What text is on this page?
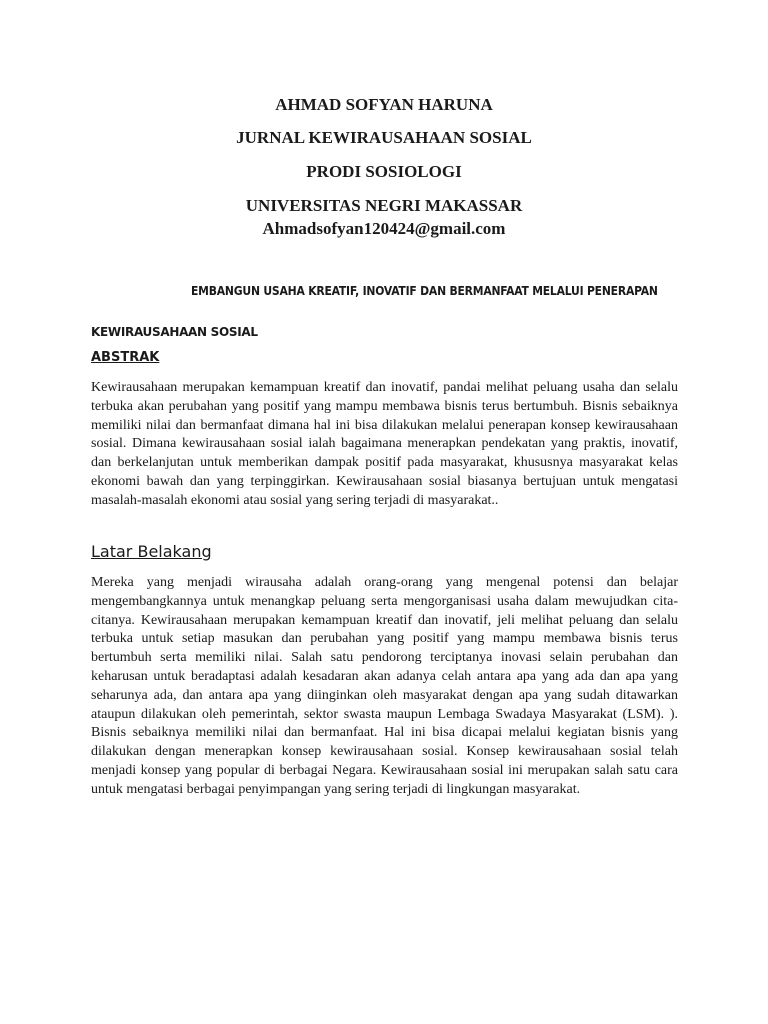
AHMAD SOFYAN HARUNA

JURNAL KEWIRAUSAHAAN SOSIAL

PRODI SOSIOLOGI

UNIVERSITAS NEGRI MAKASSAR

Ahmadsofyan120424@gmail.com

EMBANGUN USAHA KREATIF, INOVATIF DAN BERMANFAAT MELALUI PENERAPAN
KEWIRAUSAHAAN SOSIAL
ABSTRAK

Kewirausahaan merupakan kemampuan kreatif dan inovatif, pandai melihat peluang usaha dan selalu terbuka akan perubahan yang positif yang mampu membawa bisnis terus bertumbuh. Bisnis sebaiknya memiliki nilai dan bermanfaat dimana hal ini bisa dilakukan melalui penerapan konsep kewirausahaan sosial. Dimana kewirausahaan sosial ialah bagaimana menerapkan pendekatan yang praktis, inovatif, dan berkelanjutan untuk memberikan dampak positif pada masyarakat, khususnya masyarakat kelas ekonomi bawah dan yang terpinggirkan. Kewirausahaan sosial biasanya bertujuan untuk mengatasi masalah-masalah ekonomi atau sosial yang sering terjadi di masyarakat..

Latar Belakang

Mereka yang menjadi wirausaha adalah orang-orang yang mengenal potensi dan belajar mengembangkannya untuk menangkap peluang serta mengorganisasi usaha dalam mewujudkan cita-citanya. Kewirausahaan merupakan kemampuan kreatif dan inovatif, jeli melihat peluang dan selalu terbuka untuk setiap masukan dan perubahan yang positif yang mampu membawa bisnis terus bertumbuh serta memiliki nilai. Salah satu pendorong terciptanya inovasi selain perubahan dan keharusan untuk beradaptasi adalah kesadaran akan adanya celah antara apa yang ada dan apa yang seharunya ada, dan antara apa yang diinginkan oleh masyarakat dengan apa yang sudah ditawarkan ataupun dilakukan oleh pemerintah, sektor swasta maupun Lembaga Swadaya Masyarakat (LSM). ). Bisnis sebaiknya memiliki nilai dan bermanfaat. Hal ini bisa dicapai melalui kegiatan bisnis yang dilakukan dengan menerapkan konsep kewirausahaan sosial. Konsep kewirausahaan sosial telah menjadi konsep yang popular di berbagai Negara. Kewirausahaan sosial ini merupakan salah satu cara untuk mengatasi berbagai penyimpangan yang sering terjadi di lingkungan masyarakat.
